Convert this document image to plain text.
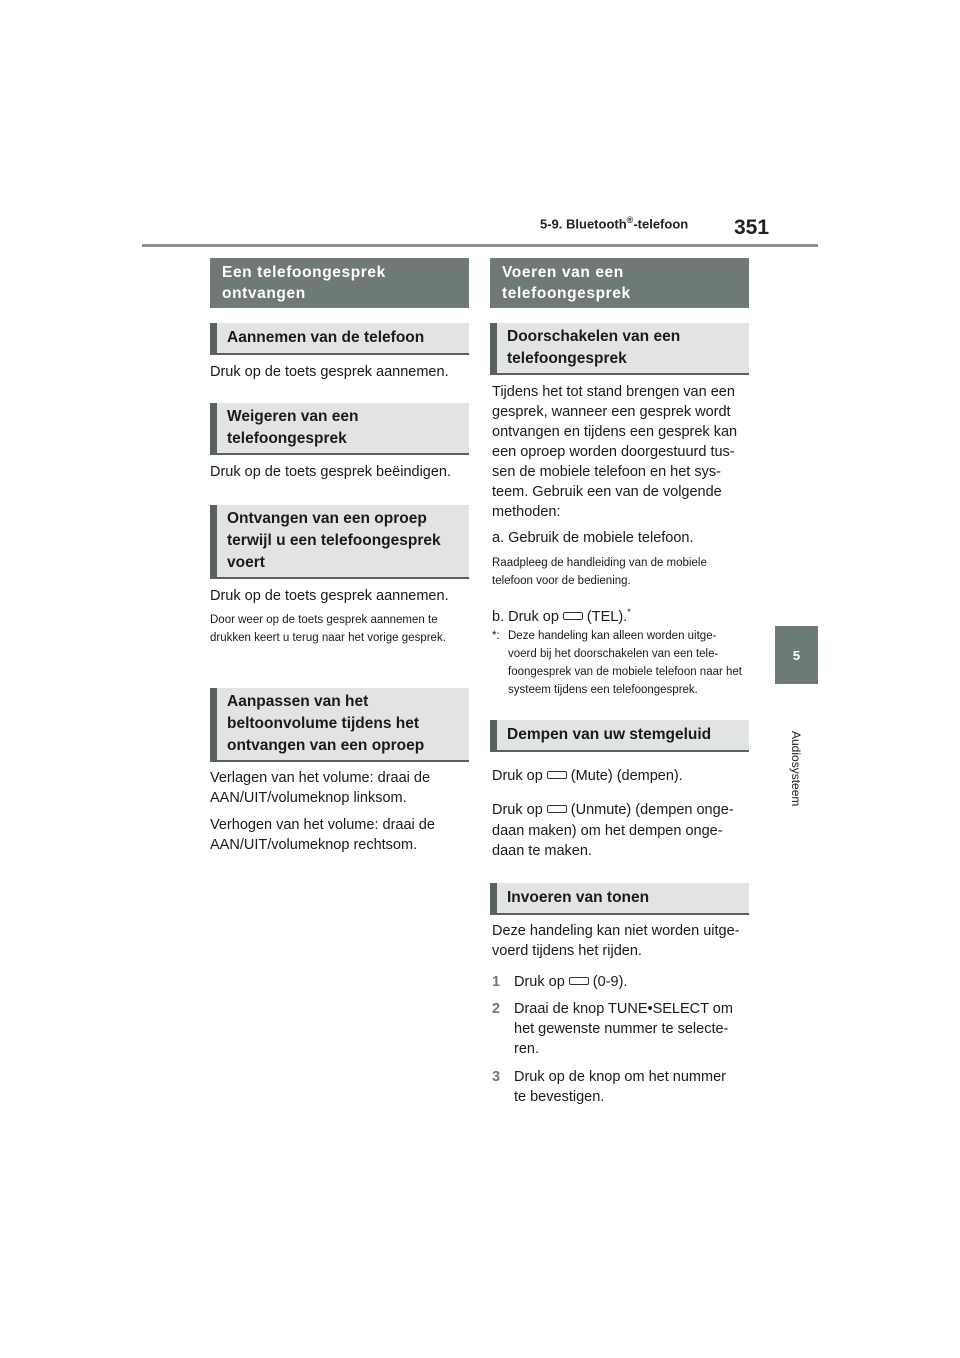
5-9. Bluetooth®-telefoon 351
5
Audiosysteem
Een telefoongesprek ontvangen
Aannemen van de telefoon
Druk op de toets gesprek aannemen.
Weigeren van een telefoongesprek
Druk op de toets gesprek beëindigen.
Ontvangen van een oproep terwijl u een telefoongesprek voert
Druk op de toets gesprek aannemen.
Door weer op de toets gesprek aannemen te drukken keert u terug naar het vorige gesprek.
Aanpassen van het beltoonvolume tijdens het ontvangen van een oproep
Verlagen van het volume: draai de AAN/UIT/volumeknop linksom.
Verhogen van het volume: draai de AAN/UIT/volumeknop rechtsom.
Voeren van een telefoongesprek
Doorschakelen van een telefoongesprek
Tijdens het tot stand brengen van een gesprek, wanneer een gesprek wordt ontvangen en tijdens een gesprek kan een oproep worden doorgestuurd tus-sen de mobiele telefoon en het sys-teem. Gebruik een van de volgende methoden:
a. Gebruik de mobiele telefoon.
Raadpleeg de handleiding van de mobiele telefoon voor de bediening.
b. Druk op (TEL).*
*: Deze handeling kan alleen worden uitge-voerd bij het doorschakelen van een tele-foongesprek van de mobiele telefoon naar het systeem tijdens een telefoongesprek.
Dempen van uw stemgeluid
Druk op (Mute) (dempen).
Druk op (Unmute) (dempen onge-
daan maken) om het dempen onge-daan te maken.
Invoeren van tonen
Deze handeling kan niet worden uitge-voerd tijdens het rijden.
1 Druk op (0-9).
2 Draai de knop TUNE•SELECT om het gewenste nummer te selecte-ren.
3 Druk op de knop om het nummer te bevestigen.
